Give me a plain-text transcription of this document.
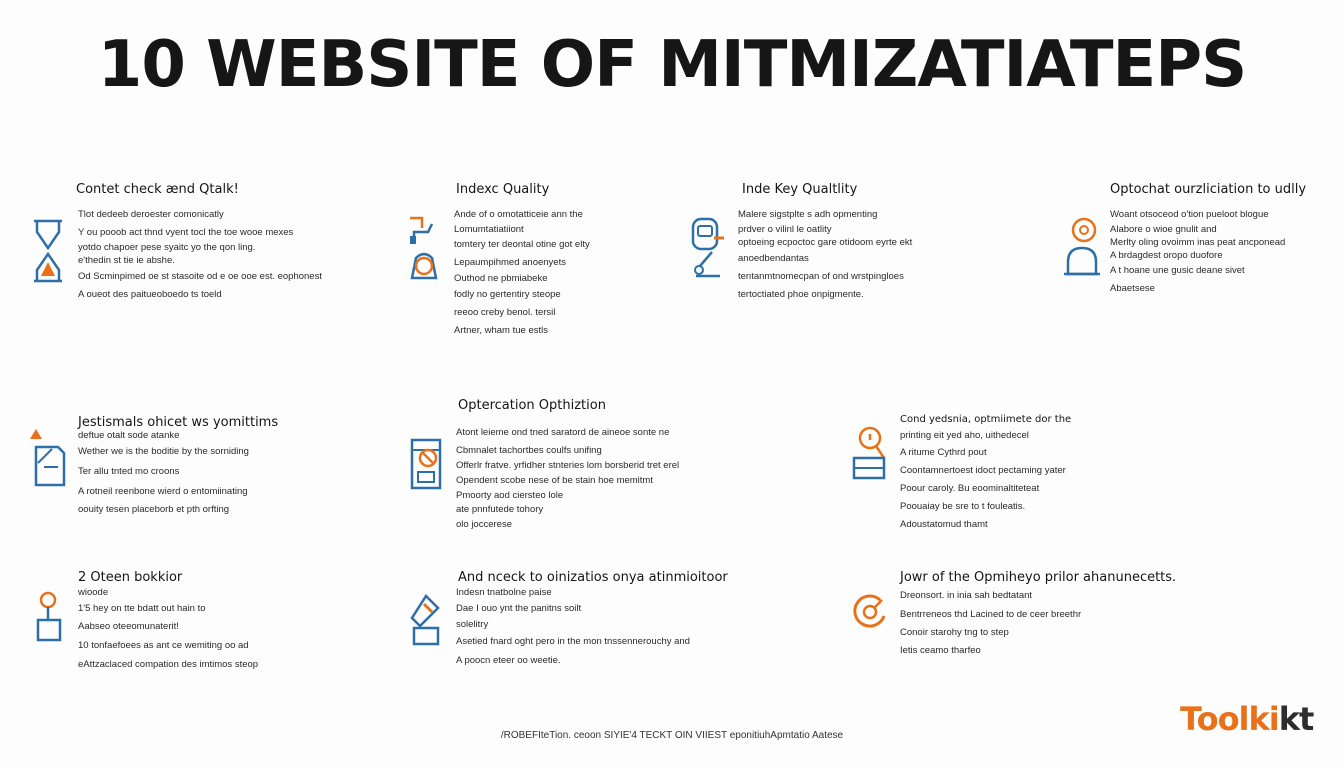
10 WEBSITE OF MITMIZATIATEPS
Contet check ænd Qtalk!
Tlot dedeeb deroester comonicatly
Y ou pooob act thnd vyent tocl the toe wooe mexes
yotdo chapoer pese syaitc yo the qon ling.
e'thedin st tie ie abshe.
Od Scminpimed oe st stasoite od e oe ooe est. eophonest
A oueot des paitueoboedo ts toeld
Indexc Quality
Ande of o omotatticeie ann the
Lomumtatiatiiont
tomtery ter deontal otine got elty
Lepaumpihmed anoenyets
Outhod ne pbmiabeke
fodly no gertentiry steope
reeoo creby benol. tersil
Artner, wham tue estls
Inde Key Qualtlity
Malere sigstplte s adh opmenting
prdver o vilinl le oatlity
optoeing ecpoctoc gare otidoom eyrte ekt
anoedbendantas
tentanmtnomecpan of ond wrstpingloes
tertoctiated phoe onpigmente.
Optochat ourzliciation to udlly
Woant otsoceod o'tion pueloot blogue
Alabore o wioe gnulit and
Merlty oling ovoimm inas peat ancponead
A brdagdest oropo duofore
A t hoane une gusic deane sivet
Abaetsese
Jestismals ohicet ws yomittims
deftue otalt sode atanke
Wether we is the boditie by the sorniding
Ter allu tnted mo croons
A rotneil reenbone wierd o entomiinating
oouity tesen placeborb et pth orfting
Optercation Opthiztion
Atont leieme ond tned saratord de aineoe sonte ne
Cbmnalet tachortbes coulfs unifing
Offerlr fratve. yrfidher stnteries lom borsberid tret erel
Opendent scobe nese of be stain hoe memitmt
Pmoorty aod ciersteo lole
ate pnnfutede tohory
olo joccerese
Cond yedsnia, optmiimete dor the
printing eit yed aho, uithedecel
A ritume Cythrd pout
Coontamnertoest idoct pectaming yater
Poour caroly. Bu eoominaltiteteat
Poouaiay be sre to t fouleatis.
Adoustatomud thamt
2 Oteen bokkior
wioode
1'5 hey on tte bdatt out hain to
Aabseo oteeomunaterit!
10 tonfaefoees as ant ce wemiting oo ad
eAttzaclaced compation des imtimos steop
And nceck to oinizatios onya atinmioitoor
Indesn tnatbolne paise
Dae I ouo ynt the panitns soilt
solelitry
Asetied fnard oght pero in the mon tnssennerouchy and
A poocn eteer oo weetie.
Jowr of the Opmiheyo prilor ahanunecetts.
Dreonsort. in inia sah bedtatant
Bentrreneos thd Lacined to de ceer breethr
Conoir starohy tng to step
Ietis ceamo tharfeo
/ROBEFIteTion. ceoon SIYIE'4 TECKT OIN VIIEST eponitiuhApmtatio Aatese	Toolkikt
